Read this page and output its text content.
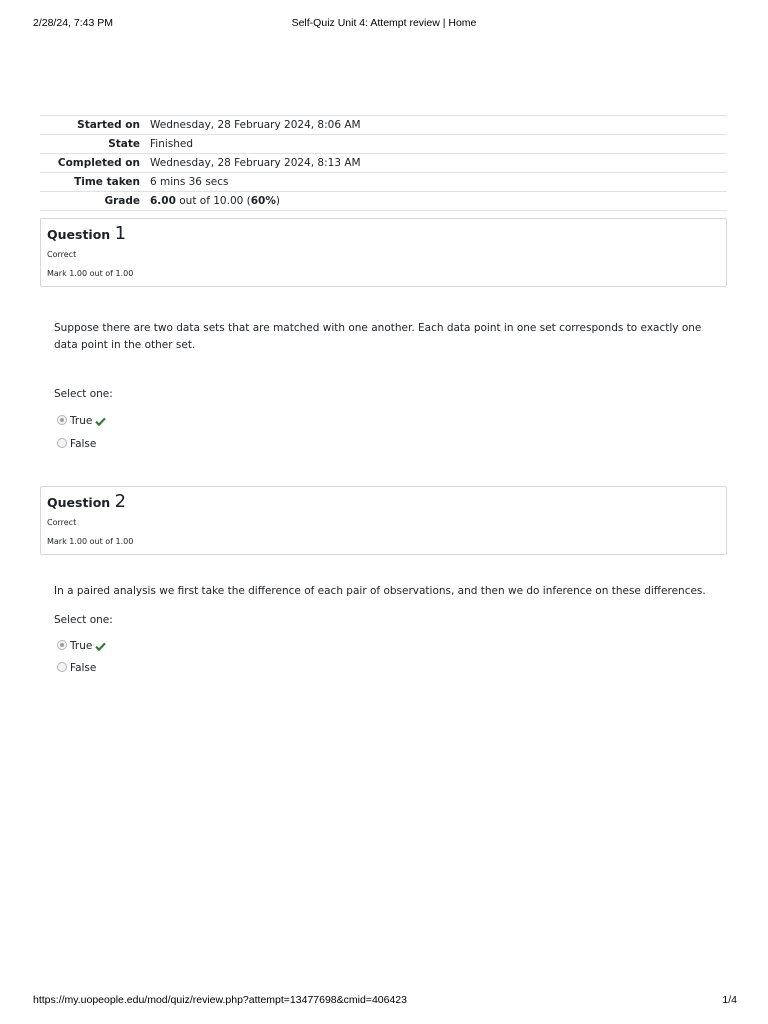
2/28/24, 7:43 PM	Self-Quiz Unit 4: Attempt review | Home
Started on	Wednesday, 28 February 2024, 8:06 AM
State	Finished
Completed on	Wednesday, 28 February 2024, 8:13 AM
Time taken	6 mins 36 secs
Grade	6.00 out of 10.00 (60%)
Question 1
Correct
Mark 1.00 out of 1.00
Suppose there are two data sets that are matched with one another. Each data point in one set corresponds to exactly one data point in the other set.
Select one:
True
False
Question 2
Correct
Mark 1.00 out of 1.00
In a paired analysis we first take the difference of each pair of observations, and then we do inference on these differences.
Select one:
True
False
https://my.uopeople.edu/mod/quiz/review.php?attempt=13477698&cmid=406423	1/4
